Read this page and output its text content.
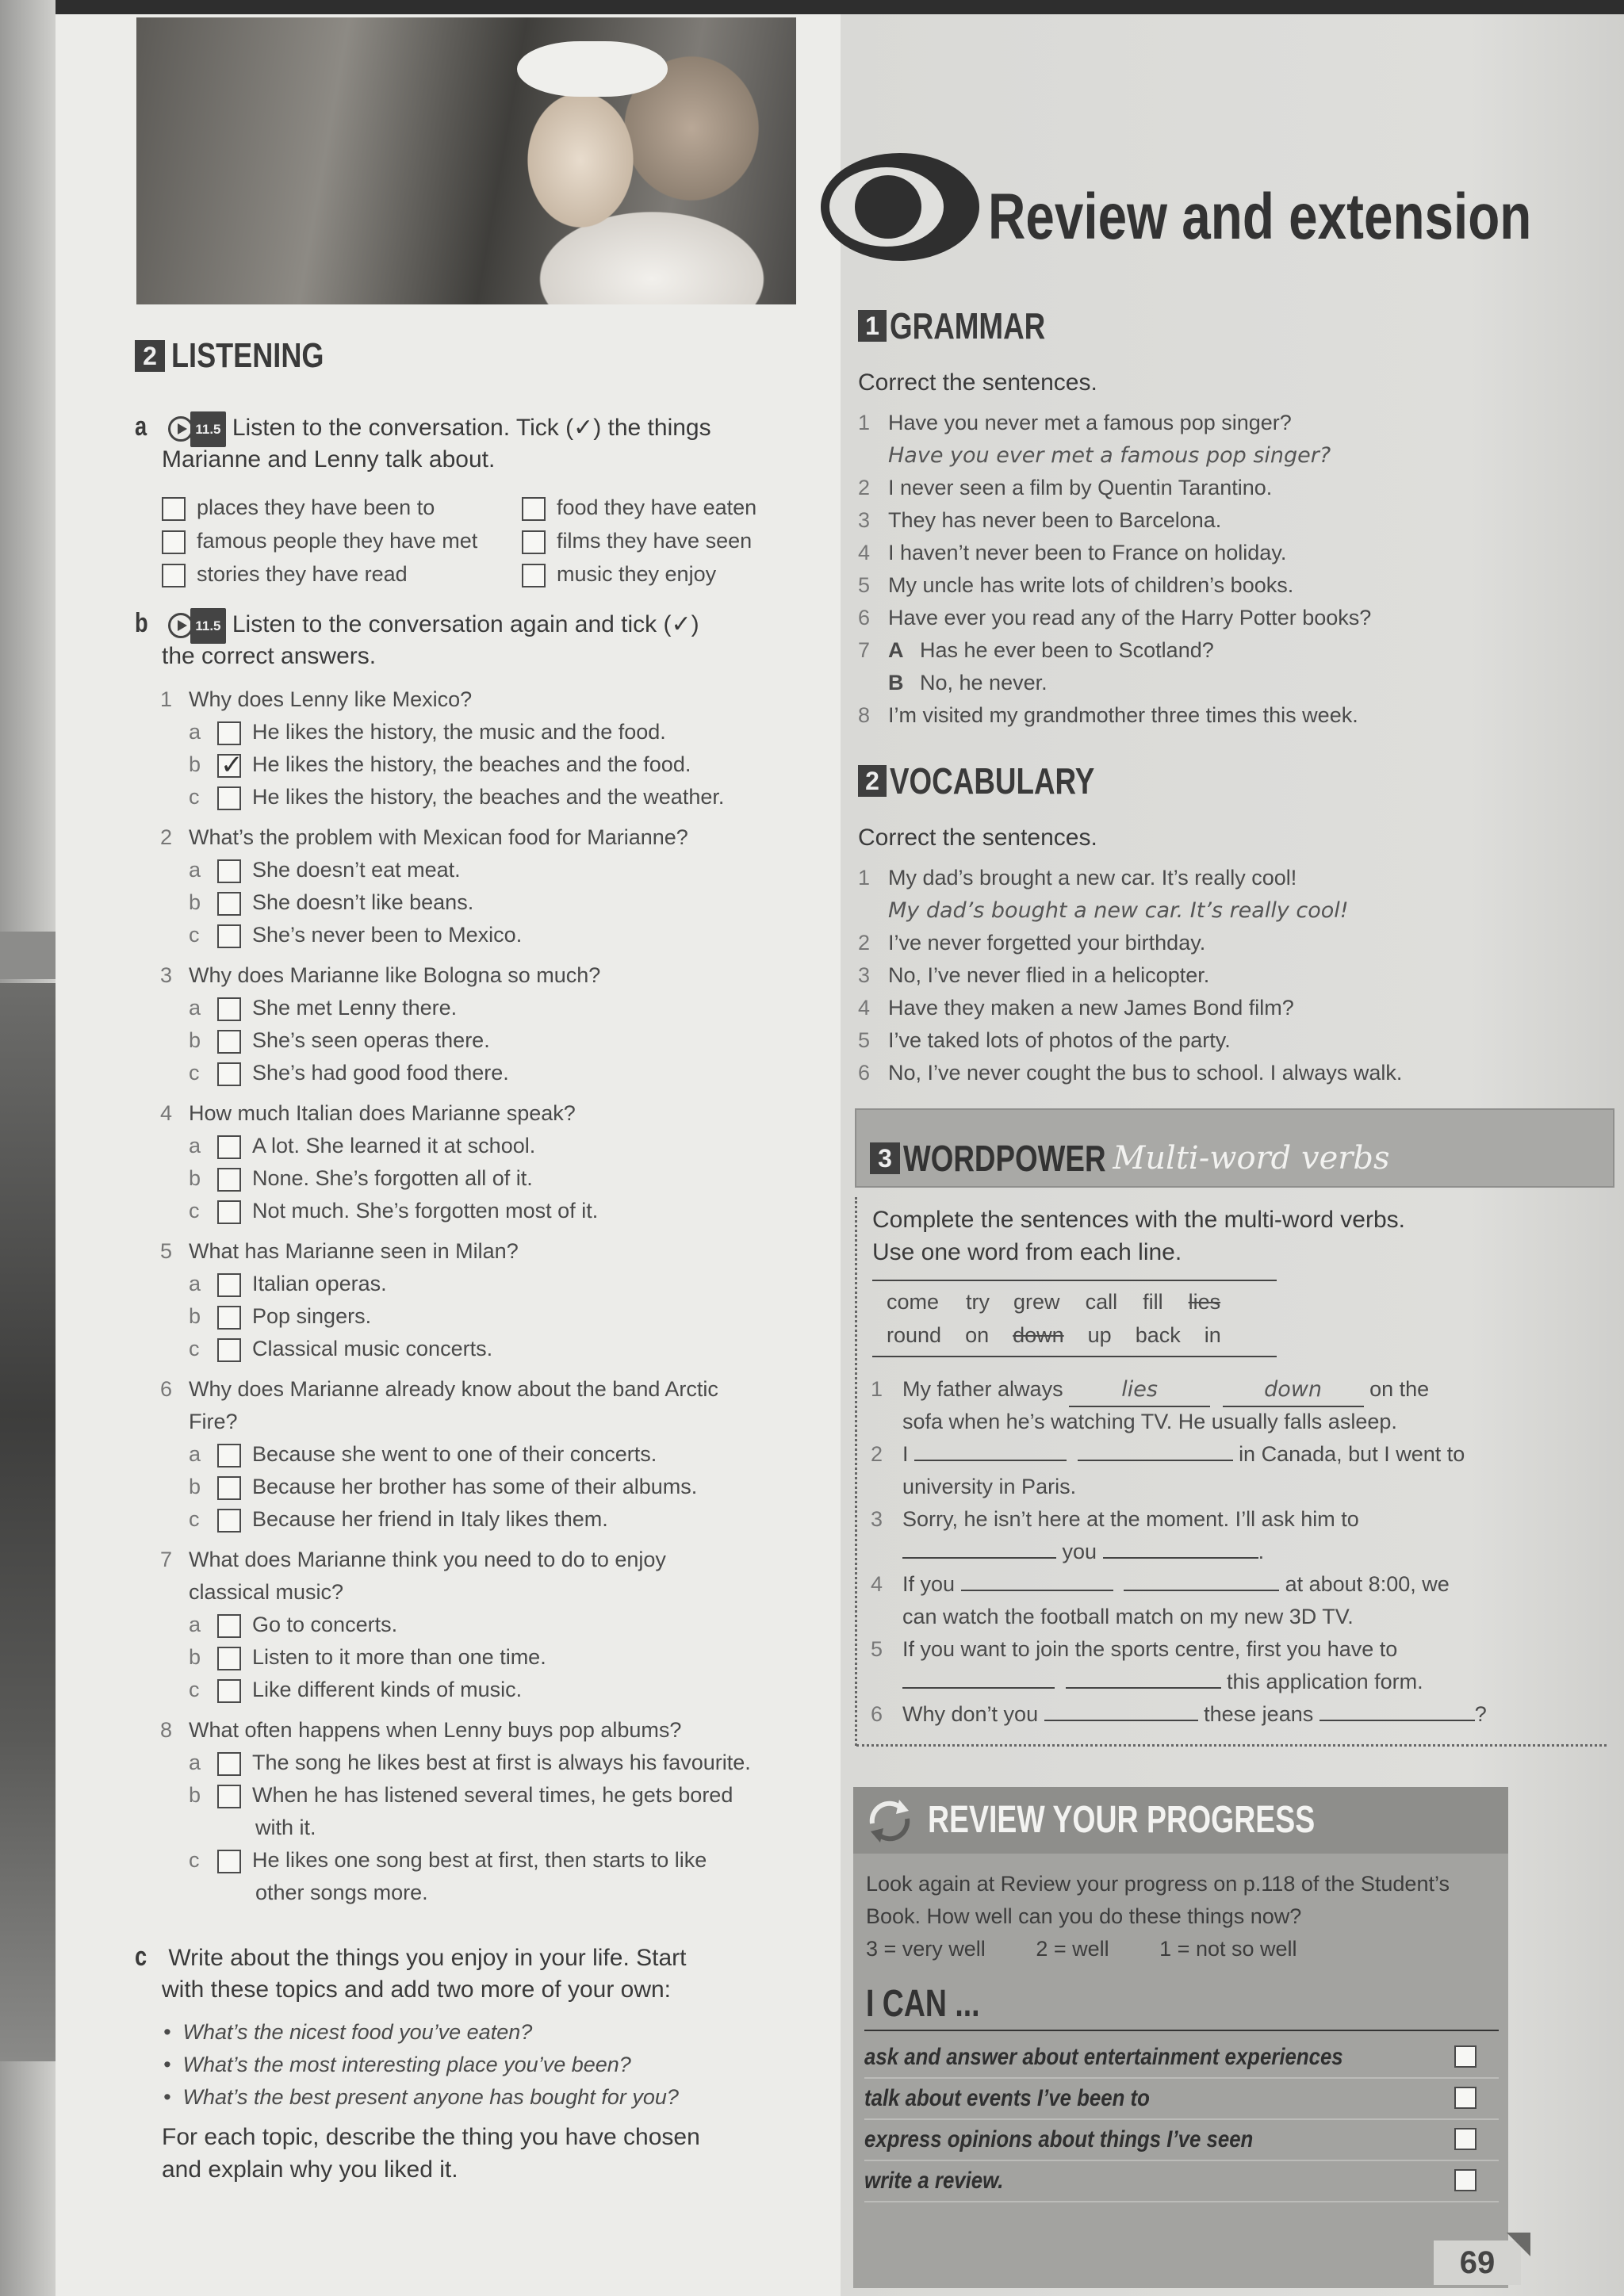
2 LISTENING
a	11.5 Listen to the conversation. Tick (✓) the things
Marianne and Lenny talk about.
places they have been to
famous people they have met
stories they have read
food they have eaten
films they have seen
music they enjoy
b	11.5 Listen to the conversation again and tick (✓)
the correct answers.
1 Why does Lenny like Mexico?
a He likes the history, the music and the food.
b✓ He likes the history, the beaches and the food.
c He likes the history, the beaches and the weather.
2 What’s the problem with Mexican food for Marianne?
a She doesn’t eat meat.
b She doesn’t like beans.
c She’s never been to Mexico.
3 Why does Marianne like Bologna so much?
a She met Lenny there.
b She’s seen operas there.
c She’s had good food there.
4 How much Italian does Marianne speak?
a A lot. She learned it at school.
b None. She’s forgotten all of it.
c Not much. She’s forgotten most of it.
5 What has Marianne seen in Milan?
a Italian operas.
b Pop singers.
c Classical music concerts.
6 Why does Marianne already know about the band Arctic
Fire?
a Because she went to one of their concerts.
b Because her brother has some of their albums.
c Because her friend in Italy likes them.
7 What does Marianne think you need to do to enjoy
classical music?
a Go to concerts.
b Listen to it more than one time.
c Like different kinds of music.
8 What often happens when Lenny buys pop albums?
a The song he likes best at first is always his favourite.
b When he has listened several times, he gets bored
with it.
c He likes one song best at first, then starts to like
other songs more.
c Write about the things you enjoy in your life. Start
with these topics and add two more of your own:
•  What’s the nicest food you’ve eaten?
•  What’s the most interesting place you’ve been?
•  What’s the best present anyone has bought for you?
For each topic, describe the thing you have chosen
and explain why you liked it.
Review and extension
1 GRAMMAR
Correct the sentences.
1 Have you never met a famous pop singer?
Have you ever met a famous pop singer?
2 I never seen a film by Quentin Tarantino.
3 They has never been to Barcelona.
4 I haven’t never been to France on holiday.
5 My uncle has write lots of children’s books.
6 Have ever you read any of the Harry Potter books?
7 A Has he ever been to Scotland?
B No, he never.
8 I’m visited my grandmother three times this week.
2 VOCABULARY
Correct the sentences.
1 My dad’s brought a new car. It’s really cool!
My dad’s bought a new car. It’s really cool!
2 I’ve never forgetted your birthday.
3 No, I’ve never flied in a helicopter.
4 Have they maken a new James Bond film?
5 I’ve taked lots of photos of the party.
6 No, I’ve never cought the bus to school. I always walk.
3 WORDPOWER Multi-word verbs
Complete the sentences with the multi-word verbs.
Use one word from each line.
come try grew call fill lies
round on down up back in
1 My father always	lies	down on the
sofa when he’s watching TV. He usually falls asleep.
2 I	in Canada, but I went to
university in Paris.
3 Sorry, he isn’t here at the moment. I’ll ask him to
you	.
4 If you	at about 8:00, we
can watch the football match on my new 3D TV.
5 If you want to join the sports centre, first you have to
this application form.
6 Why don’t you	these jeans	?
REVIEW YOUR PROGRESS
Look again at Review your progress on p.118 of the Student’s
Book. How well can you do these things now?
3 = very well 2 = well 1 = not so well
I CAN ...
ask and answer about entertainment experiences
talk about events I’ve been to
express opinions about things I’ve seen
write a review.
69
